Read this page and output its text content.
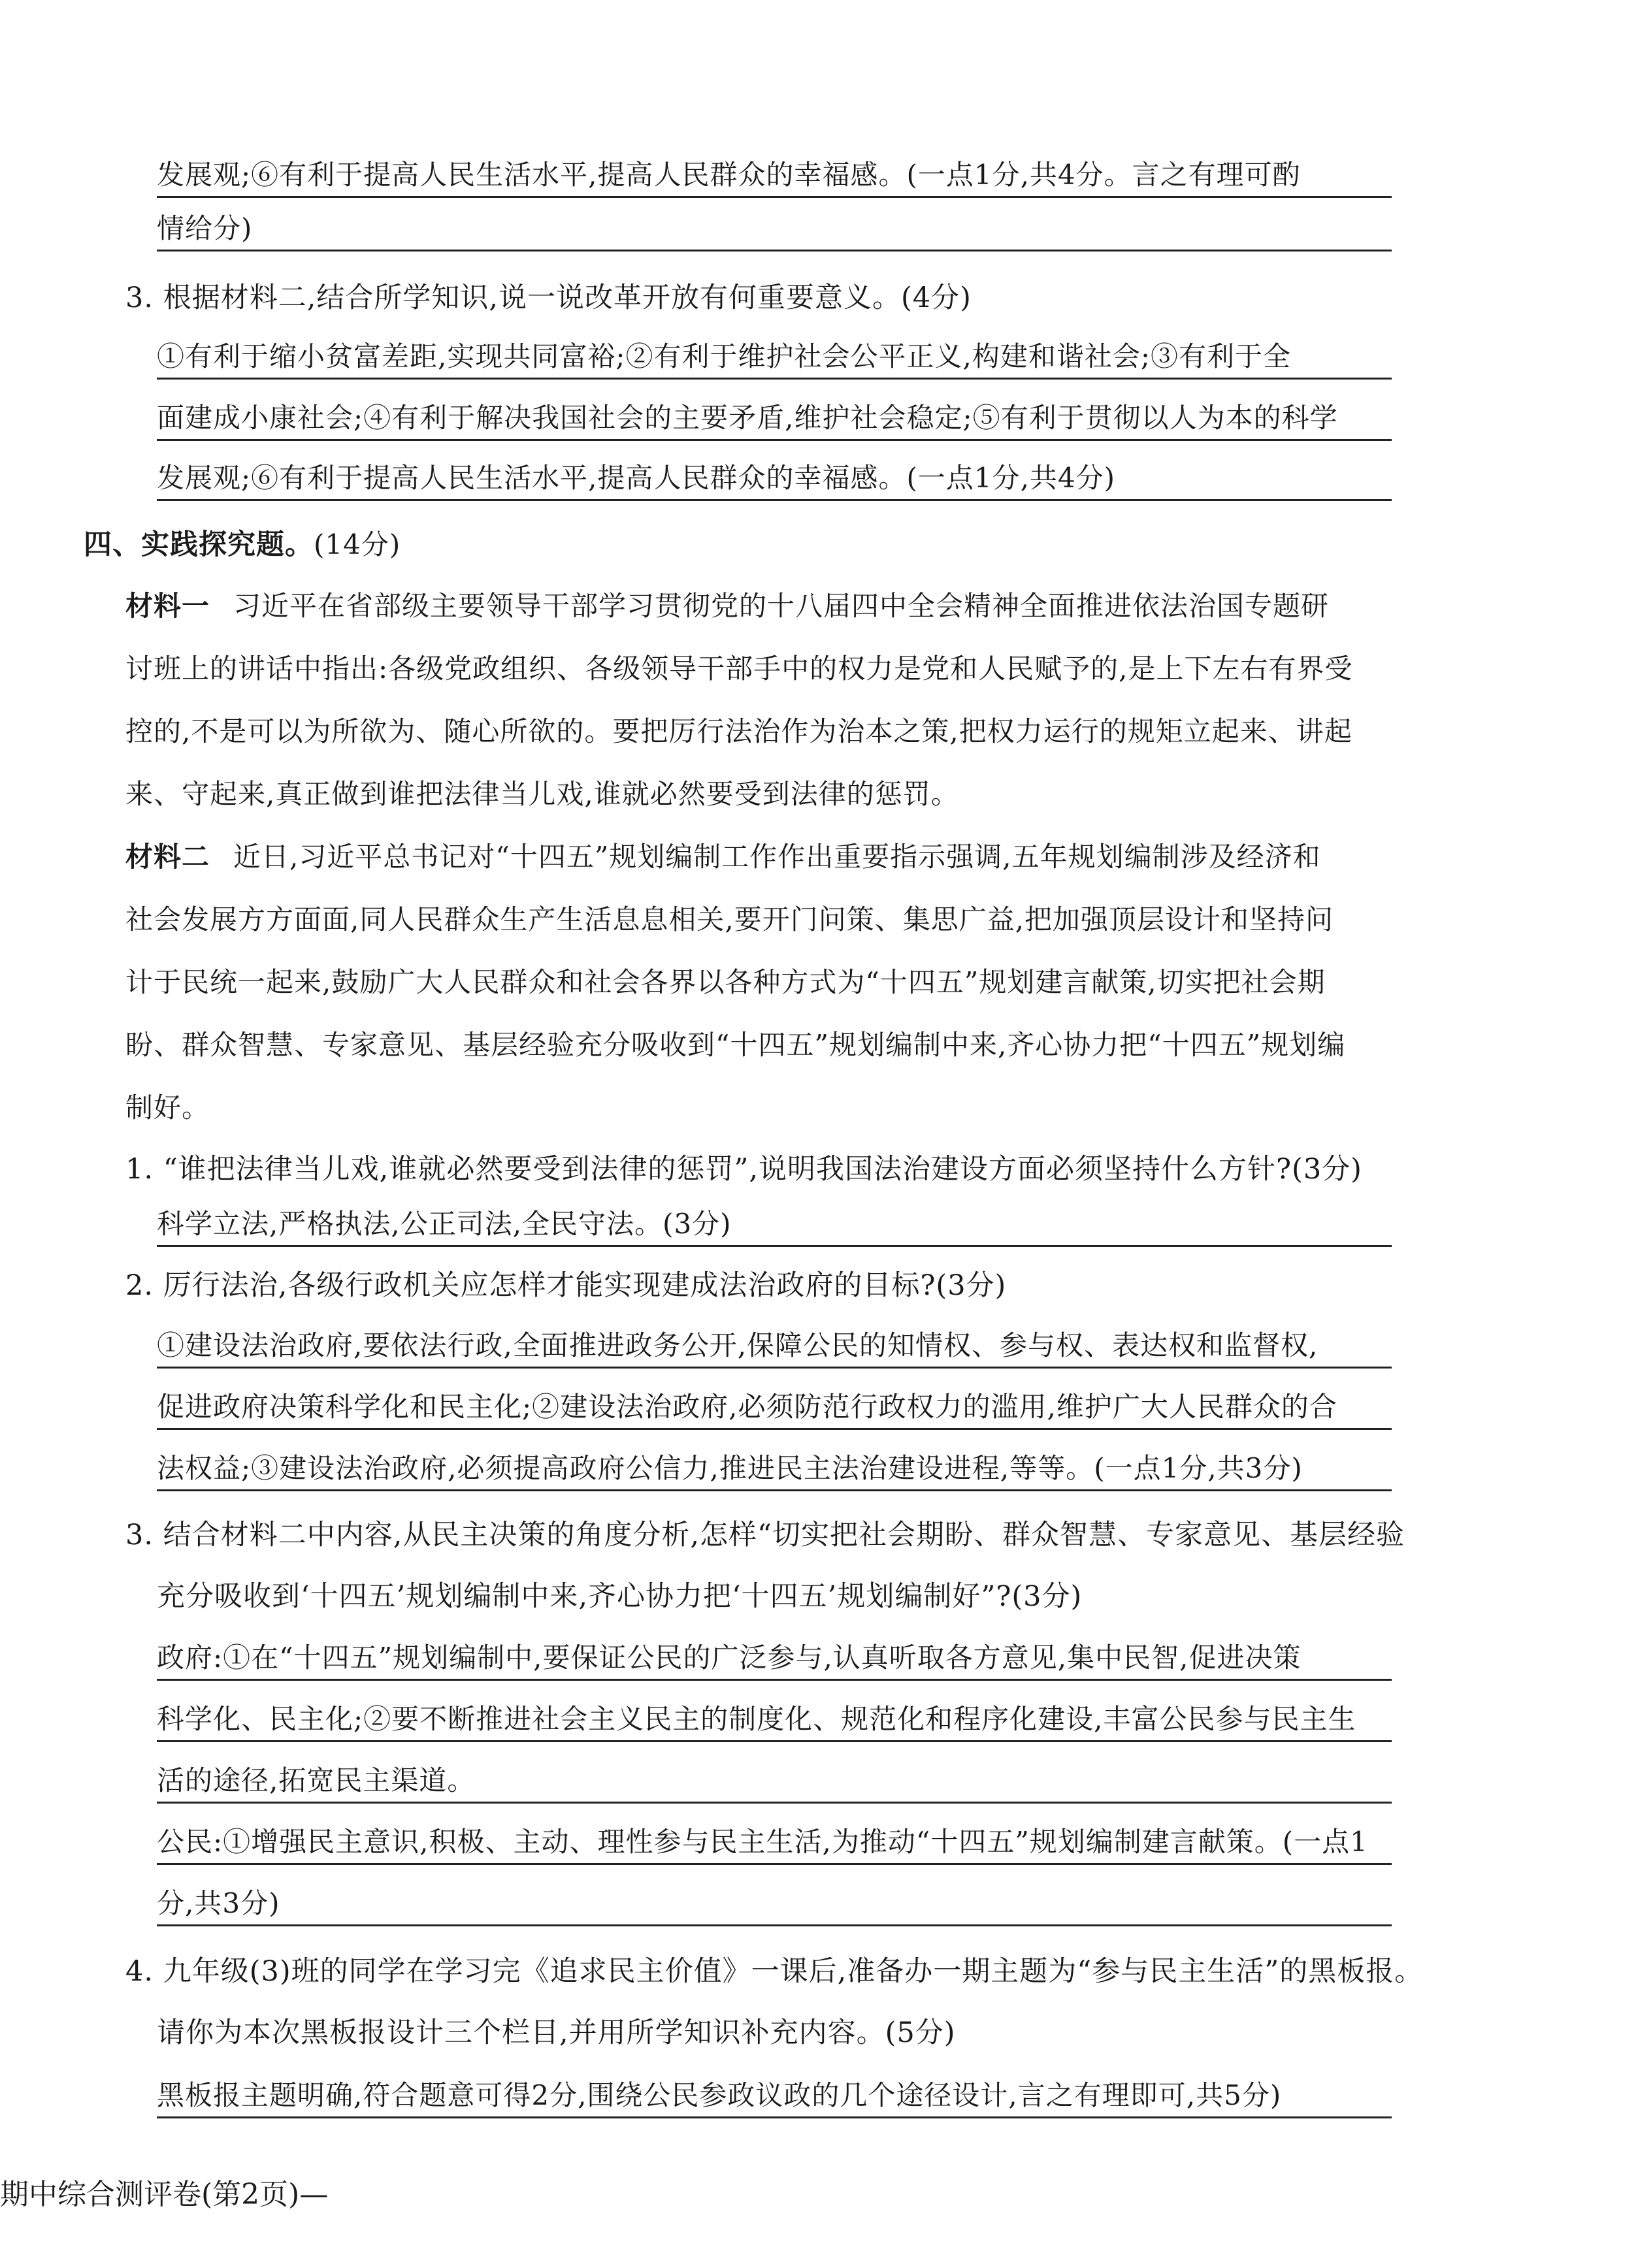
发展观;⑥有利于提高人民生活水平,提高人民群众的幸福感。(一点1分,共4分。言之有理可酌
情给分)
3. 根据材料二,结合所学知识,说一说改革开放有何重要意义。(4分)
①有利于缩小贫富差距,实现共同富裕;②有利于维护社会公平正义,构建和谐社会;③有利于全
面建成小康社会;④有利于解决我国社会的主要矛盾,维护社会稳定;⑤有利于贯彻以人为本的科学
发展观;⑥有利于提高人民生活水平,提高人民群众的幸福感。(一点1分,共4分)
四、实践探究题。(14分)
材料一 习近平在省部级主要领导干部学习贯彻党的十八届四中全会精神全面推进依法治国专题研
讨班上的讲话中指出:各级党政组织、各级领导干部手中的权力是党和人民赋予的,是上下左右有界受
控的,不是可以为所欲为、随心所欲的。要把厉行法治作为治本之策,把权力运行的规矩立起来、讲起
来、守起来,真正做到谁把法律当儿戏,谁就必然要受到法律的惩罚。
材料二 近日,习近平总书记对“十四五”规划编制工作作出重要指示强调,五年规划编制涉及经济和
社会发展方方面面,同人民群众生产生活息息相关,要开门问策、集思广益,把加强顶层设计和坚持问
计于民统一起来,鼓励广大人民群众和社会各界以各种方式为“十四五”规划建言献策,切实把社会期
盼、群众智慧、专家意见、基层经验充分吸收到“十四五”规划编制中来,齐心协力把“十四五”规划编
制好。
1. “谁把法律当儿戏,谁就必然要受到法律的惩罚”,说明我国法治建设方面必须坚持什么方针?(3分)
科学立法,严格执法,公正司法,全民守法。(3分)
2. 厉行法治,各级行政机关应怎样才能实现建成法治政府的目标?(3分)
①建设法治政府,要依法行政,全面推进政务公开,保障公民的知情权、参与权、表达权和监督权,
促进政府决策科学化和民主化;②建设法治政府,必须防范行政权力的滥用,维护广大人民群众的合
法权益;③建设法治政府,必须提高政府公信力,推进民主法治建设进程,等等。(一点1分,共3分)
3. 结合材料二中内容,从民主决策的角度分析,怎样“切实把社会期盼、群众智慧、专家意见、基层经验
充分吸收到‘十四五’规划编制中来,齐心协力把‘十四五’规划编制好”?(3分)
政府:①在“十四五”规划编制中,要保证公民的广泛参与,认真听取各方意见,集中民智,促进决策
科学化、民主化;②要不断推进社会主义民主的制度化、规范化和程序化建设,丰富公民参与民主生
活的途径,拓宽民主渠道。
公民:①增强民主意识,积极、主动、理性参与民主生活,为推动“十四五”规划编制建言献策。(一点1
分,共3分)
4. 九年级(3)班的同学在学习完《追求民主价值》一课后,准备办一期主题为“参与民主生活”的黑板报。
请你为本次黑板报设计三个栏目,并用所学知识补充内容。(5分)
黑板报主题明确,符合题意可得2分,围绕公民参政议政的几个途径设计,言之有理即可,共5分)
期中综合测评卷(第2页)—
